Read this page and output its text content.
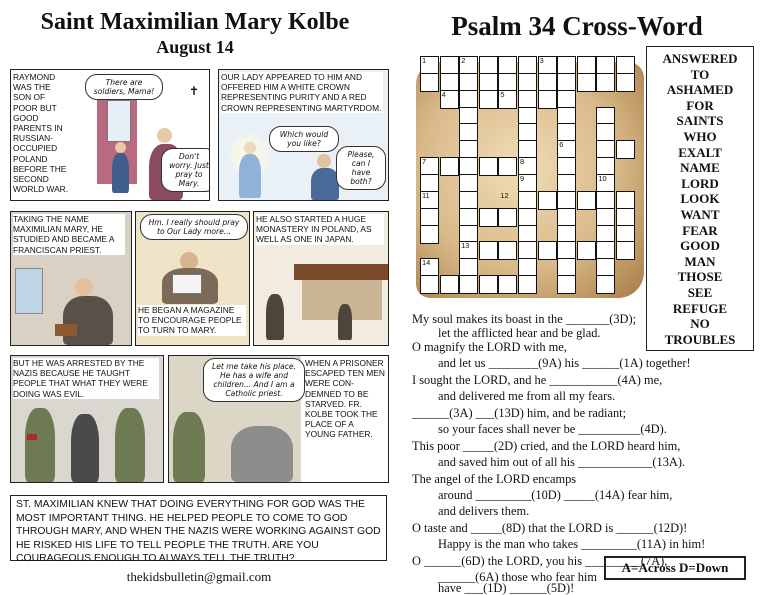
Saint Maximilian Mary Kolbe
August 14
RAYMOND WAS THE SON OF POOR BUT GOOD PARENTS IN RUSSIAN-OCCUPIED POLAND BEFORE THE SECOND WORLD WAR.
There are soldiers, Mama!
Don't worry. Just pray to Mary.
✝
OUR LADY APPEARED TO HIM AND OFFERED HIM A WHITE CROWN REPRESENTING PURITY AND A RED CROWN REPRESENTING MARTYRDOM.
Which would you like?
Please, can I have both?
TAKING THE NAME MAXIMILIAN MARY, HE STUDIED AND BECAME A FRANCISCAN PRIEST.
Hm. I really should pray to Our Lady more...
HE BEGAN A MAGAZINE TO ENCOURAGE PEOPLE TO TURN TO MARY.
HE ALSO STARTED A HUGE MONASTERY IN POLAND, AS WELL AS ONE IN JAPAN.
BUT HE WAS ARRESTED BY THE NAZIS BECAUSE HE TAUGHT PEOPLE THAT WHAT THEY WERE DOING WAS EVIL.
Let me take his place. He has a wife and children... And I am a Catholic priest.
WHEN A PRISONER ESCAPED TEN MEN WERE CON-DEMNED TO BE STARVED. FR. KOLBE TOOK THE PLACE OF A YOUNG FATHER.
ST. MAXIMILIAN KNEW THAT DOING EVERYTHING FOR GOD WAS THE MOST IMPORTANT THING. HE HELPED PEOPLE TO COME TO GOD THROUGH MARY, AND WHEN THE NAZIS WERE WORKING AGAINST GOD HE RISKED HIS LIFE TO TELL PEOPLE THE TRUTH. ARE YOU COURAGEOUS ENOUGH TO ALWAYS TELL THE TRUTH?
thekidsbulletin@gmail.com
Psalm 34 Cross-Word
1	2	3
4	5
6
7	8
9	10
11	12
13
14
ANSWERED
TO
ASHAMED
FOR
SAINTS
WHO
EXALT
NAME
LORD
LOOK
WANT
FEAR
GOOD
MAN
THOSE
SEE
REFUGE
NO
TROUBLES
My soul makes its boast in the _______(3D);
let the afflicted hear and be glad.
O magnify the LORD with me,
and let us ________(9A) his ______(1A) together!
I sought the LORD, and he ___________(4A) me,
and delivered me from all my fears.
______(3A) ___(13D) him, and be radiant;
so your faces shall never be __________(4D).
This poor _____(2D) cried, and the LORD heard him,
and saved him out of all his ____________(13A).
The angel of the LORD encamps
around _________(10D) _____(14A) fear him,
and delivers them.
O taste and _____(8D) that the LORD is ______(12D)!
Happy is the man who takes _________(11A) in him!
O ______(6D) the LORD, you his _________(7A),
______(6A) those who fear him
have ___(1D) ______(5D)!
A=Across D=Down
